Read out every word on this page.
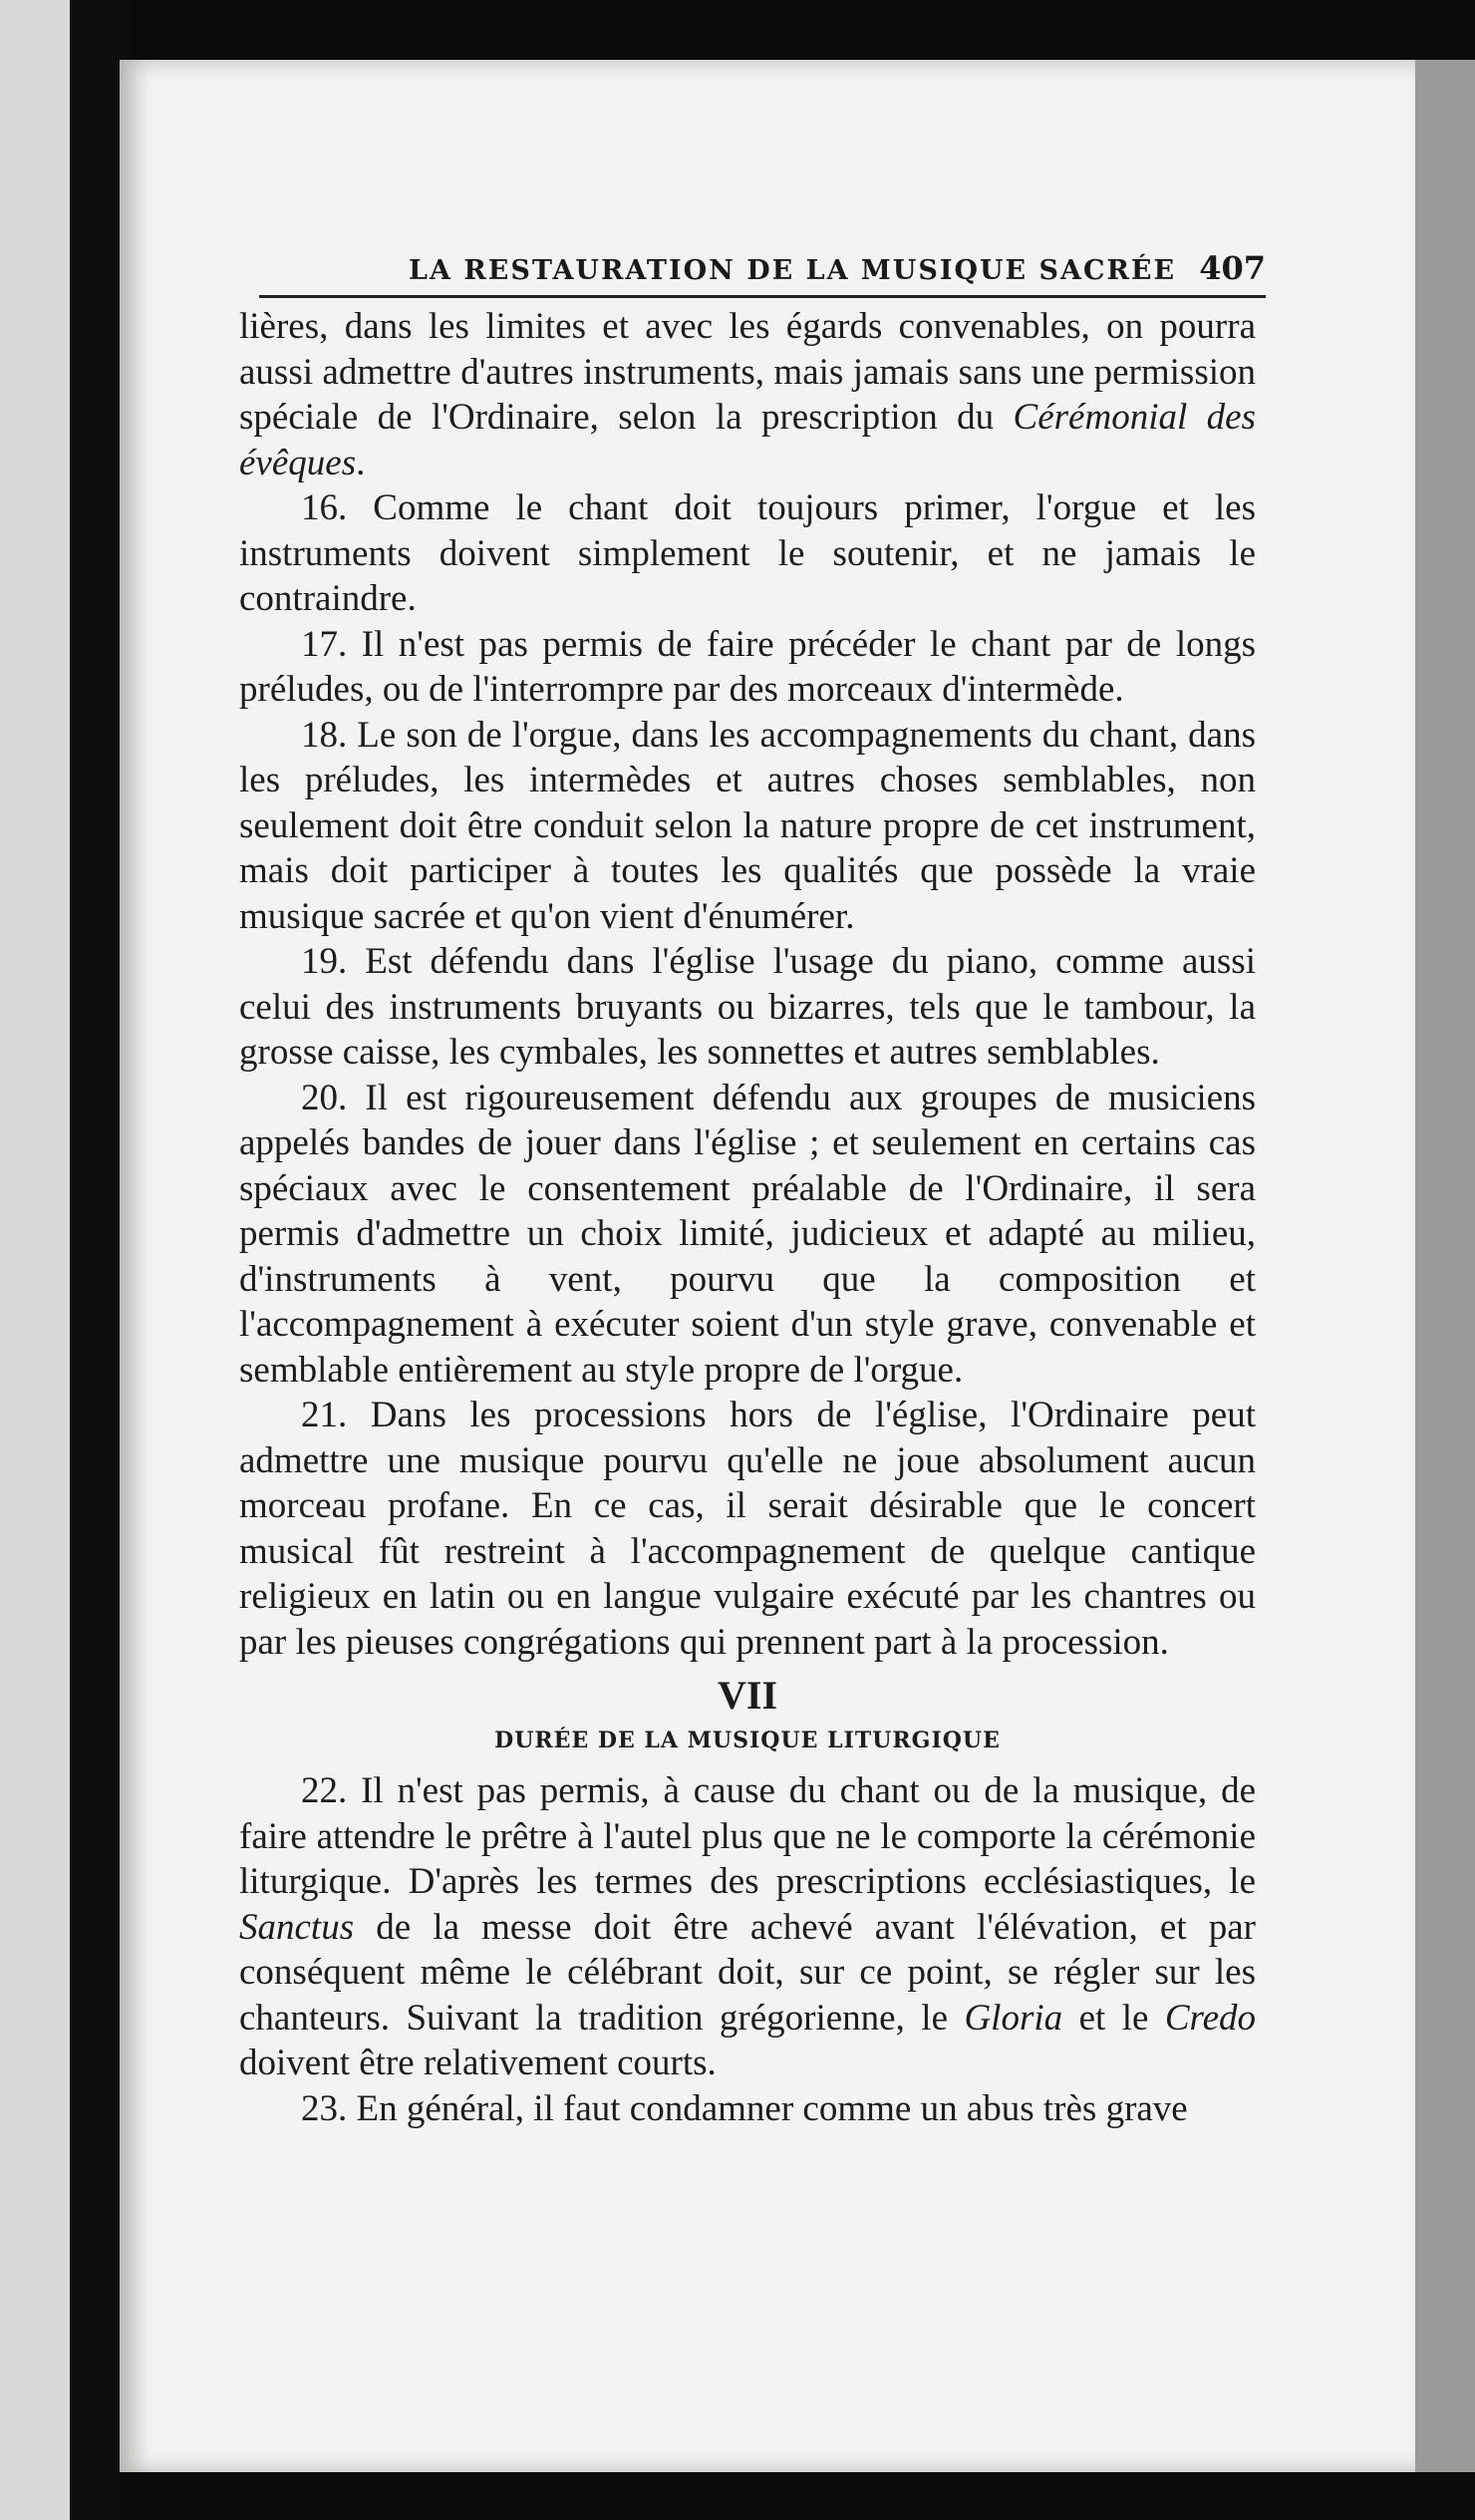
LA RESTAURATION DE LA MUSIQUE SACRÉE 407

lières, dans les limites et avec les égards convenables, on pourra aussi admettre d'autres instruments, mais jamais sans une permission spéciale de l'Ordinaire, selon la prescription du Cérémonial des évêques.

16. Comme le chant doit toujours primer, l'orgue et les instruments doivent simplement le soutenir, et ne jamais le contraindre.

17. Il n'est pas permis de faire précéder le chant par de longs préludes, ou de l'interrompre par des morceaux d'intermède.

18. Le son de l'orgue, dans les accompagnements du chant, dans les préludes, les intermèdes et autres choses semblables, non seulement doit être conduit selon la nature propre de cet instrument, mais doit participer à toutes les qualités que possède la vraie musique sacrée et qu'on vient d'énumérer.

19. Est défendu dans l'église l'usage du piano, comme aussi celui des instruments bruyants ou bizarres, tels que le tambour, la grosse caisse, les cymbales, les sonnettes et autres semblables.

20. Il est rigoureusement défendu aux groupes de musiciens appelés bandes de jouer dans l'église ; et seulement en certains cas spéciaux avec le consentement préalable de l'Ordinaire, il sera permis d'admettre un choix limité, judicieux et adapté au milieu, d'instruments à vent, pourvu que la composition et l'accompagnement à exécuter soient d'un style grave, convenable et semblable entièrement au style propre de l'orgue.

21. Dans les processions hors de l'église, l'Ordinaire peut admettre une musique pourvu qu'elle ne joue absolument aucun morceau profane. En ce cas, il serait désirable que le concert musical fût restreint à l'accompagnement de quelque cantique religieux en latin ou en langue vulgaire exécuté par les chantres ou par les pieuses congrégations qui prennent part à la procession.

VII

DURÉE DE LA MUSIQUE LITURGIQUE

22. Il n'est pas permis, à cause du chant ou de la musique, de faire attendre le prêtre à l'autel plus que ne le comporte la cérémonie liturgique. D'après les termes des prescriptions ecclésiastiques, le Sanctus de la messe doit être achevé avant l'élévation, et par conséquent même le célébrant doit, sur ce point, se régler sur les chanteurs. Suivant la tradition grégorienne, le Gloria et le Credo doivent être relativement courts.

23. En général, il faut condamner comme un abus très grave
